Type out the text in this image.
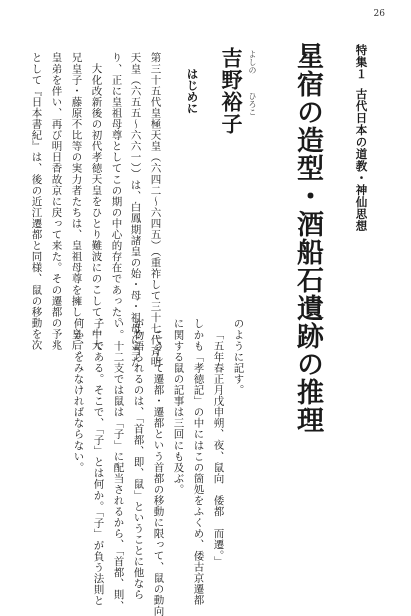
26
特集１古代日本の道教・神仙思想
星宿の造型・酒船石遺跡の推理
よしのひろこ
吉野裕子
はじめに
第三十五代皇極天皇（六四二〜六四五）（重祚して三十七代斉明
天皇（六五五〜六六一））は、白鳳期諸皇の始・母・祖母に当た
り、正に皇祖母尊としてこの期の中心的存在であった。
大化改新後の初代孝徳天皇をひとり難波にのこして、中大
兄皇子・藤原不比等の実力者たちは、皇祖母尊を擁し、皇后、
皇弟を伴い、再び明日香故京に戻って来た。その遷都の予兆
として『日本書紀』は、後の近江遷都と同様、鼠の移動を次
のように記す。
「五年春正月戊申朔、夜、鼠向　倭都　而遷。」
しかも「孝徳記」の中にはこの箇処をふくめ、倭古京遷都
に関する鼠の記事は三回にも及ぶ。
こうして遷都・遷都という首都の移動に限って、鼠の動向
が物語られるのは、「首都、即、鼠」ということに他なら
い。十二支では鼠は「子」に配当されるから、「首都、則、
子」である。そこで、「子」とは何か。「子」が負う法則と
何か、をみなければならない。
